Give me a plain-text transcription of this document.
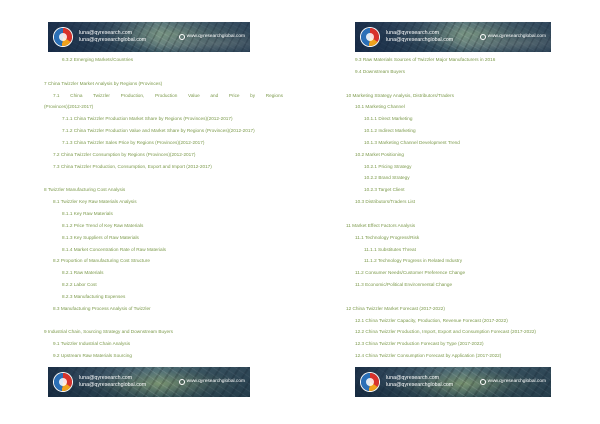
luna@qyresearch.com
luna@qyresearchglobal.com
www.qyresearchglobal.com
luna@qyresearch.com
luna@qyresearchglobal.com
www.qyresearchglobal.com
6.3.2 Emerging Markets/Countries
7 China Twizzler Market Analysis by Regions (Provinces)
7.1 China Twizzler Production, Production Value and Price by Regions
(Provinces)(2012-2017)
7.1.1 China Twizzler Production Market Share by Regions (Provinces)(2012-2017)
7.1.2 China Twizzler Production Value and Market Share by Regions (Provinces)(2012-2017)
7.1.3 China Twizzler Sales Price by Regions (Provinces)(2012-2017)
7.2 China Twizzler Consumption by Regions (Provinces)(2012-2017)
7.3 China Twizzler Production, Consumption, Export and Import (2012-2017)
8 Twizzler Manufacturing Cost Analysis
8.1 Twizzler Key Raw Materials Analysis
8.1.1 Key Raw Materials
8.1.2 Price Trend of Key Raw Materials
8.1.3 Key Suppliers of Raw Materials
8.1.4 Market Concentration Rate of Raw Materials
8.2 Proportion of Manufacturing Cost Structure
8.2.1 Raw Materials
8.2.2 Labor Cost
8.2.3 Manufacturing Expenses
8.3 Manufacturing Process Analysis of Twizzler
9 Industrial Chain, Sourcing Strategy and Downstream Buyers
9.1 Twizzler Industrial Chain Analysis
9.2 Upstream Raw Materials Sourcing
9.3 Raw Materials Sources of Twizzler Major Manufacturers in 2016
9.4 Downstream Buyers
10 Marketing Strategy Analysis, Distributors/Traders
10.1 Marketing Channel
10.1.1 Direct Marketing
10.1.2 Indirect Marketing
10.1.3 Marketing Channel Development Trend
10.2 Market Positioning
10.2.1 Pricing Strategy
10.2.2 Brand Strategy
10.2.3 Target Client
10.3 Distributors/Traders List
11 Market Effect Factors Analysis
11.1 Technology Progress/Risk
11.1.1 Substitutes Threat
11.1.2 Technology Progress in Related Industry
11.2 Consumer Needs/Customer Preference Change
11.3 Economic/Political Environmental Change
12 China Twizzler Market Forecast (2017-2022)
12.1 China Twizzler Capacity, Production, Revenue Forecast (2017-2022)
12.2 China Twizzler Production, Import, Export and Consumption Forecast (2017-2022)
12.3 China Twizzler Production Forecast by Type (2017-2022)
12.4 China Twizzler Consumption Forecast by Application (2017-2022)
luna@qyresearch.com
luna@qyresearchglobal.com
www.qyresearchglobal.com
luna@qyresearch.com
luna@qyresearchglobal.com
www.qyresearchglobal.com
